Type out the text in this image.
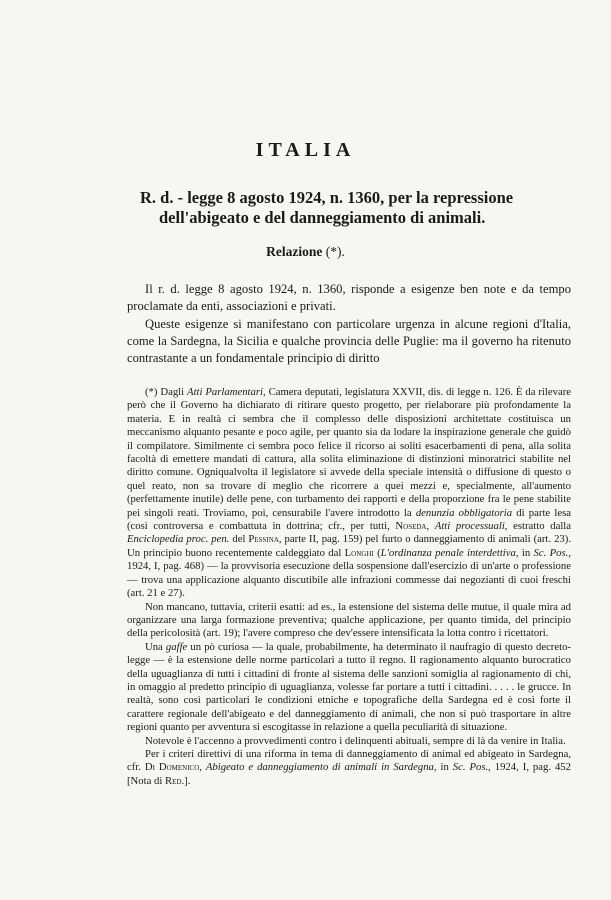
ITALIA
R. d. - legge 8 agosto 1924, n. 1360, per la repressione
dell'abigeato e del danneggiamento di animali.
Relazione (*).

Il r. d. legge 8 agosto 1924, n. 1360, risponde a esigenze ben note e da tempo proclamate da enti, associazioni e privati.

Queste esigenze si manifestano con particolare urgenza in alcune regioni d'Italia, come la Sardegna, la Sicilia e qualche provincia delle Puglie: ma il governo ha ritenuto contrastante a un fondamentale principio di diritto

(*) Dagli Atti Parlamentari, Camera deputati, legislatura XXVII, dis. di legge n. 126. È da rilevare però che il Governo ha dichiarato di ritirare questo progetto, per rielaborare più profondamente la materia. E in realtà ci sembra che il complesso delle disposizioni architettate costituisca un meccanismo alquanto pesante e poco agile, per quanto sia da lodare la inspirazione generale che guidò il compilatore. Similmente ci sembra poco felice il ricorso ai soliti esacerbamenti di pena, alla solita facoltà di emettere mandati di cattura, alla solita eliminazione di distinzioni minoratrici stabilite nel diritto comune. Ogniqualvolta il legislatore si avvede della speciale intensità o diffusione di questo o quel reato, non sa trovare di meglio che ricorrere a quei mezzi e, specialmente, all'aumento (perfettamente inutile) delle pene, con turbamento dei rapporti e della proporzione fra le pene stabilite pei singoli reati. Troviamo, poi, censurabile l'avere introdotto la denunzia obbligatoria di parte lesa (così controversa e combattuta in dottrina; cfr., per tutti, Noseda, Atti processuali, estratto dalla Enciclopedia proc. pen. del Pessina, parte II, pag. 159) pel furto o danneggiamento di animali (art. 23). Un principio buono recentemente caldeggiato dal Longhi (L'ordinanza penale interdettiva, in Sc. Pos., 1924, I, pag. 468) — la provvisoria esecuzione della sospensione dall'esercizio di un'arte o professione — trova una applicazione alquanto discutibile alle infrazioni commesse dai negozianti di cuoi freschi (art. 21 e 27).

Non mancano, tuttavia, criterii esatti: ad es., la estensione del sistema delle mutue, il quale mira ad organizzare una larga formazione preventiva; qualche applicazione, per quanto timida, del principio della pericolosità (art. 19); l'avere compreso che dev'essere intensificata la lotta contro i ricettatori.

Una gaffe un pò curiosa — la quale, probabilmente, ha determinato il naufragio di questo decreto-legge — è la estensione delle norme particolari a tutto il regno. Il ragionamento alquanto burocratico della uguaglianza di tutti i cittadini di fronte al sistema delle sanzioni somiglia al ragionamento di chi, in omaggio al predetto principio di uguaglianza, volesse far portare a tutti i cittadini. . . . . le grucce. In realtà, sono così particolari le condizioni etniche e topografiche della Sardegna ed è così forte il carattere regionale dell'abigeato e del danneggiamento di animali, che non si può trasportare in altre regioni quanto per avventura si escogitasse in relazione a quella peculiarità di situazione.

Notevole è l'accenno a provvedimenti contro i delinquenti abituali, sempre di là da venire in Italia.

Per i criteri direttivi di una riforma in tema di danneggiamento di animal ed abigeato in Sardegna, cfr. Di Domenico, Abigeato e danneggiamento di animali in Sardegna, in Sc. Pos., 1924, I, pag. 452 [Nota di Red.].
